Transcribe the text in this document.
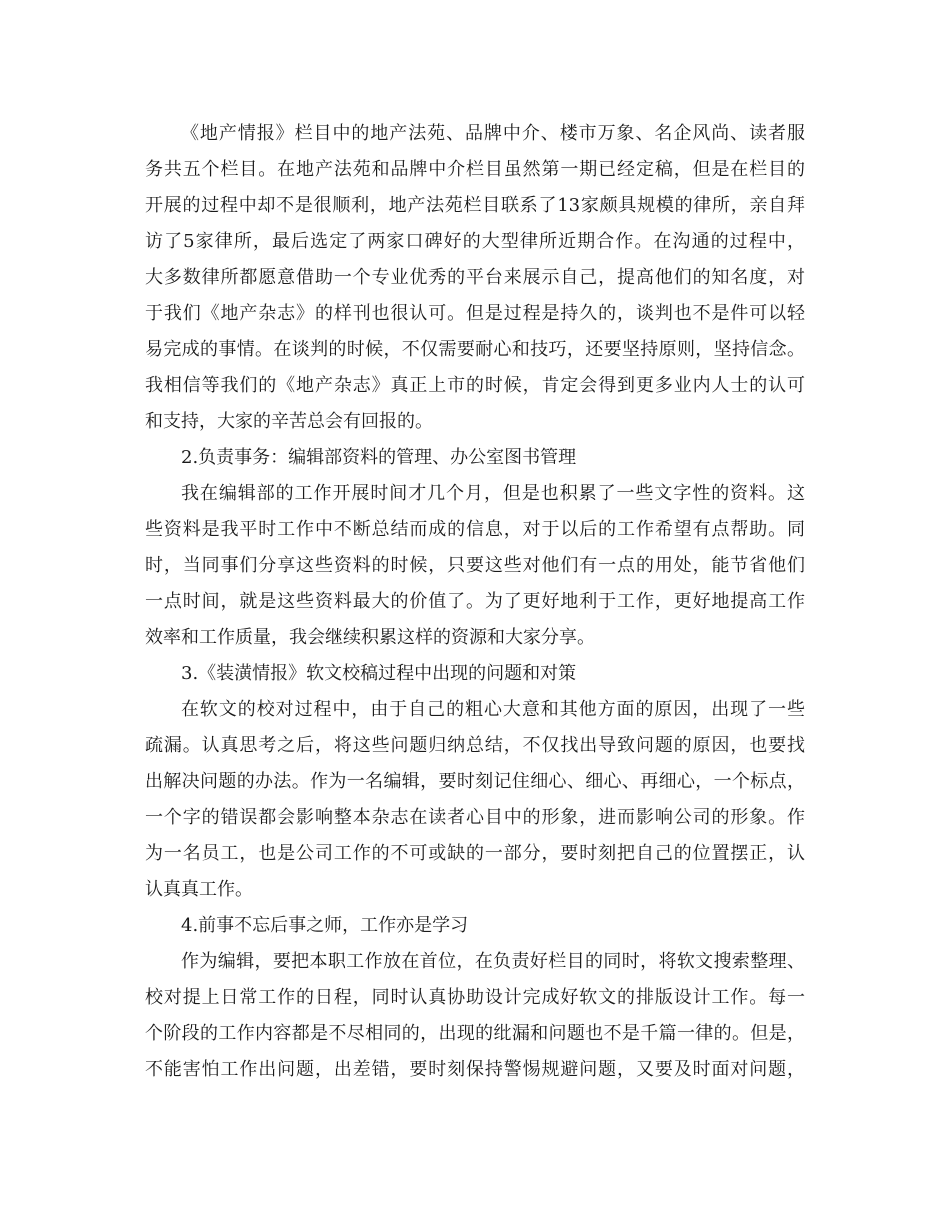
《地产情报》栏目中的地产法苑、品牌中介、楼市万象、名企风尚、读者服
务共五个栏目。在地产法苑和品牌中介栏目虽然第一期已经定稿，但是在栏目的
开展的过程中却不是很顺利，地产法苑栏目联系了13家颇具规模的律所，亲自拜
访了5家律所，最后选定了两家口碑好的大型律所近期合作。在沟通的过程中，
大多数律所都愿意借助一个专业优秀的平台来展示自己，提高他们的知名度，对
于我们《地产杂志》的样刊也很认可。但是过程是持久的，谈判也不是件可以轻
易完成的事情。在谈判的时候，不仅需要耐心和技巧，还要坚持原则，坚持信念。
我相信等我们的《地产杂志》真正上市的时候，肯定会得到更多业内人士的认可
和支持，大家的辛苦总会有回报的。
2.负责事务：编辑部资料的管理、办公室图书管理
我在编辑部的工作开展时间才几个月，但是也积累了一些文字性的资料。这
些资料是我平时工作中不断总结而成的信息，对于以后的工作希望有点帮助。同
时，当同事们分享这些资料的时候，只要这些对他们有一点的用处，能节省他们
一点时间，就是这些资料最大的价值了。为了更好地利于工作，更好地提高工作
效率和工作质量，我会继续积累这样的资源和大家分享。
3.《装潢情报》软文校稿过程中出现的问题和对策
在软文的校对过程中，由于自己的粗心大意和其他方面的原因，出现了一些
疏漏。认真思考之后，将这些问题归纳总结，不仅找出导致问题的原因，也要找
出解决问题的办法。作为一名编辑，要时刻记住细心、细心、再细心，一个标点，
一个字的错误都会影响整本杂志在读者心目中的形象，进而影响公司的形象。作
为一名员工，也是公司工作的不可或缺的一部分，要时刻把自己的位置摆正，认
认真真工作。
4.前事不忘后事之师，工作亦是学习
作为编辑，要把本职工作放在首位，在负责好栏目的同时，将软文搜索整理、
校对提上日常工作的日程，同时认真协助设计完成好软文的排版设计工作。每一
个阶段的工作内容都是不尽相同的，出现的纰漏和问题也不是千篇一律的。但是，
不能害怕工作出问题，出差错，要时刻保持警惕规避问题，又要及时面对问题，
